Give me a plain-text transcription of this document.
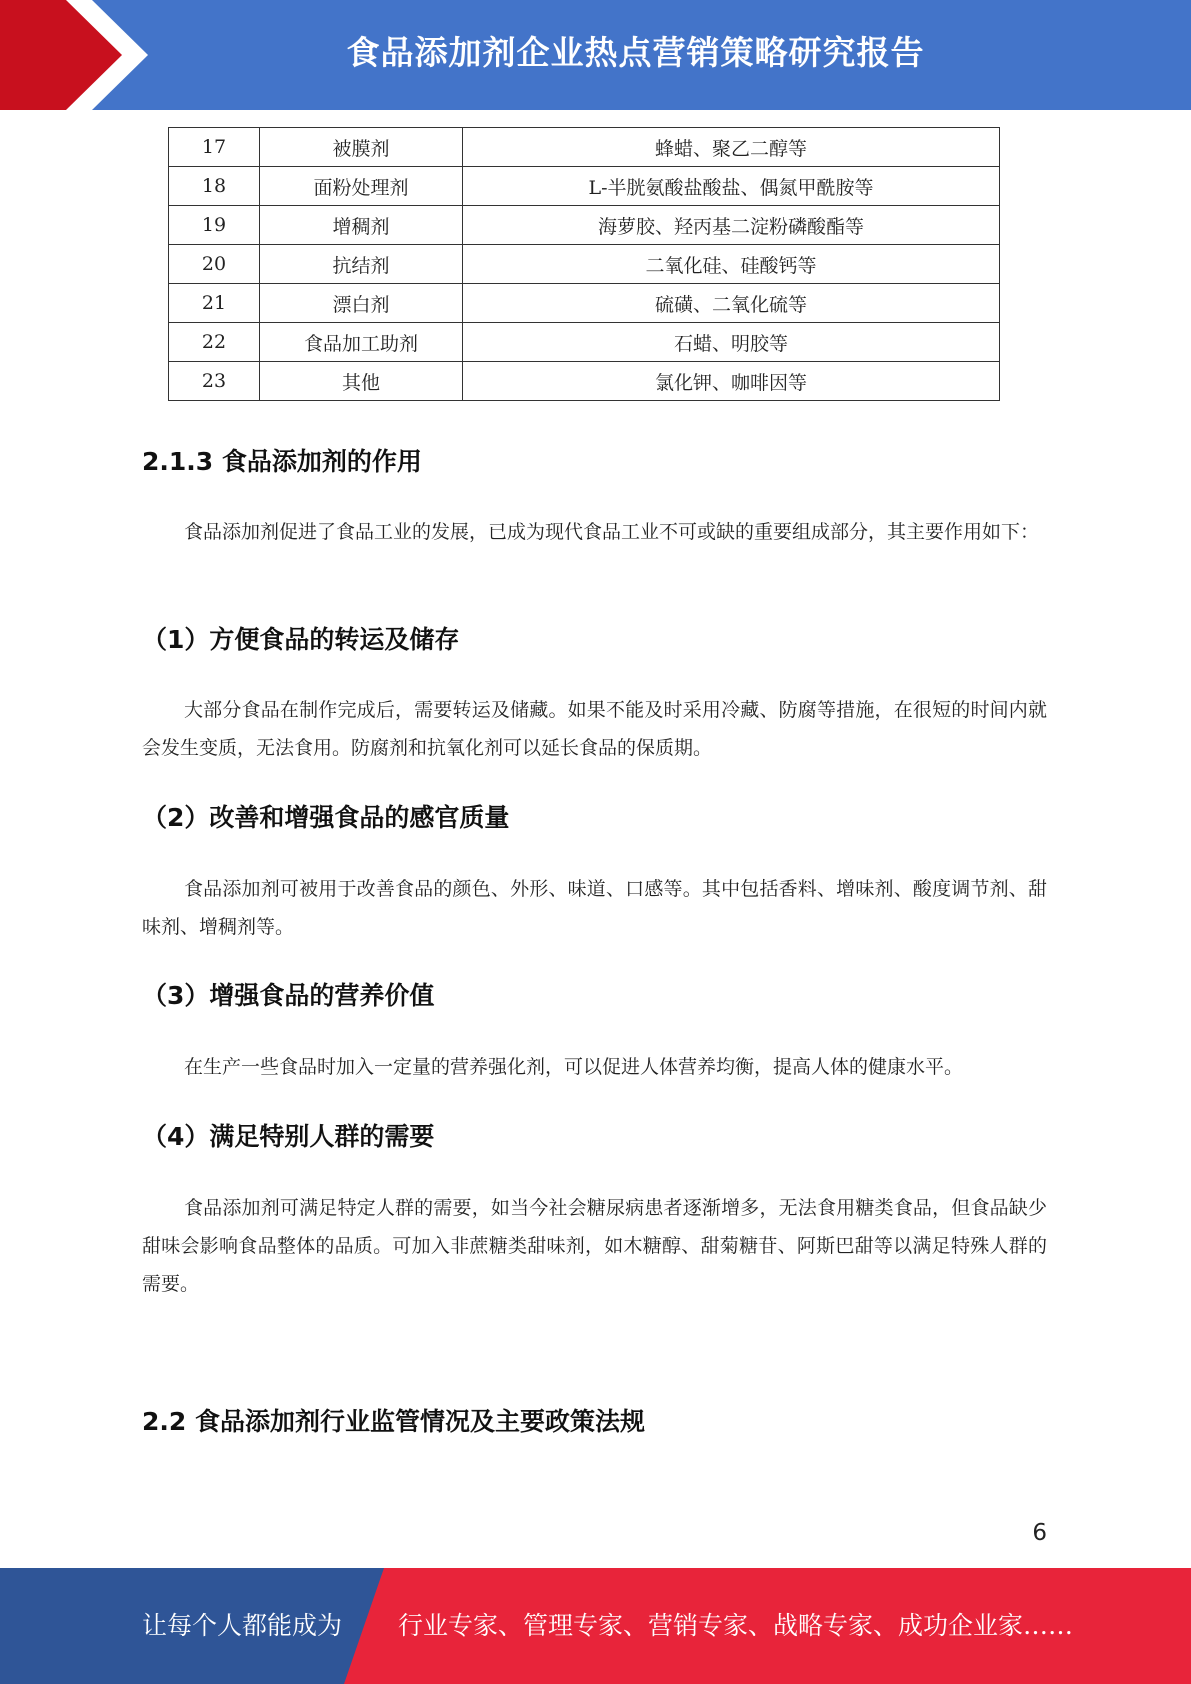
食品添加剂企业热点营销策略研究报告
17	被膜剂	蜂蜡、聚乙二醇等
18	面粉处理剂	L-半胱氨酸盐酸盐、偶氮甲酰胺等
19	增稠剂	海萝胶、羟丙基二淀粉磷酸酯等
20	抗结剂	二氧化硅、硅酸钙等
21	漂白剂	硫磺、二氧化硫等
22	食品加工助剂	石蜡、明胶等
23	其他	氯化钾、咖啡因等
2.1.3 食品添加剂的作用

食品添加剂促进了食品工业的发展，已成为现代食品工业不可或缺的重要组成部分，其主要作用如下：

（1）方便食品的转运及储存

大部分食品在制作完成后，需要转运及储藏。如果不能及时采用冷藏、防腐等措施，在很短的时间内就会发生变质，无法食用。防腐剂和抗氧化剂可以延长食品的保质期。

（2）改善和增强食品的感官质量

食品添加剂可被用于改善食品的颜色、外形、味道、口感等。其中包括香料、增味剂、酸度调节剂、甜味剂、增稠剂等。

（3）增强食品的营养价值

在生产一些食品时加入一定量的营养强化剂，可以促进人体营养均衡，提高人体的健康水平。

（4）满足特别人群的需要

食品添加剂可满足特定人群的需要，如当今社会糖尿病患者逐渐增多，无法食用糖类食品，但食品缺少甜味会影响食品整体的品质。可加入非蔗糖类甜味剂，如木糖醇、甜菊糖苷、阿斯巴甜等以满足特殊人群的需要。

2.2 食品添加剂行业监管情况及主要政策法规
6
让每个人都能成为 行业专家、管理专家、营销专家、战略专家、成功企业家……
